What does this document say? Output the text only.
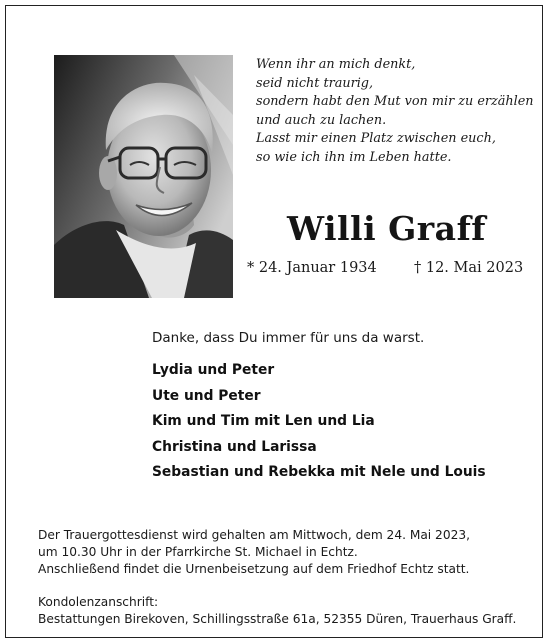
Wenn ihr an mich denkt,
seid nicht traurig,
sondern habt den Mut von mir zu erzählen
und auch zu lachen.
Lasst mir einen Platz zwischen euch,
so wie ich ihn im Leben hatte.
Willi Graff
* 24. Januar 1934	† 12. Mai 2023
Danke, dass Du immer für uns da warst.
Lydia und Peter
Ute und Peter
Kim und Tim mit Len und Lia
Christina und Larissa
Sebastian und Rebekka mit Nele und Louis
Der Trauergottesdienst wird gehalten am Mittwoch, dem 24. Mai 2023,
um 10.30 Uhr in der Pfarrkirche St. Michael in Echtz.
Anschließend findet die Urnenbeisetzung auf dem Friedhof Echtz statt.
Kondolenzanschrift:
Bestattungen Birekoven, Schillingsstraße 61a, 52355 Düren, Trauerhaus Graff.
